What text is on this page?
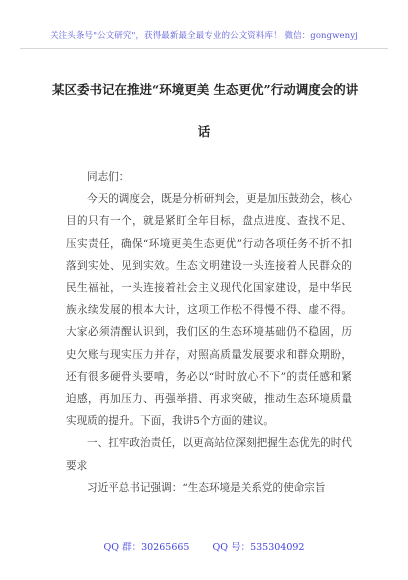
关注头条号"公文研究"，获得最新最全最专业的公文资料库！ 微信：gongwenyj
某区委书记在推进“环境更美 生态更优”行动调度会的讲
话

同志们：

今天的调度会，既是分析研判会，更是加压鼓劲会，核心目的只有一个，就是紧盯全年目标，盘点进度、查找不足、压实责任，确保“环境更美生态更优”行动各项任务不折不扣落到实处、见到实效。生态文明建设一头连接着人民群众的民生福祉，一头连接着社会主义现代化国家建设，是中华民族永续发展的根本大计，这项工作松不得慢不得、虚不得。大家必须清醒认识到，我们区的生态环境基础仍不稳固，历史欠账与现实压力并存，对照高质量发展要求和群众期盼，还有很多硬骨头要啃，务必以“时时放心不下”的责任感和紧迫感，再加压力、再强举措、再求突破，推动生态环境质量实现质的提升。下面，我讲5个方面的建议。

一、扛牢政治责任，以更高站位深刻把握生态优先的时代要求

习近平总书记强调：“生态环境是关系党的使命宗旨

QQ 群：30265665 QQ 号：535304092
